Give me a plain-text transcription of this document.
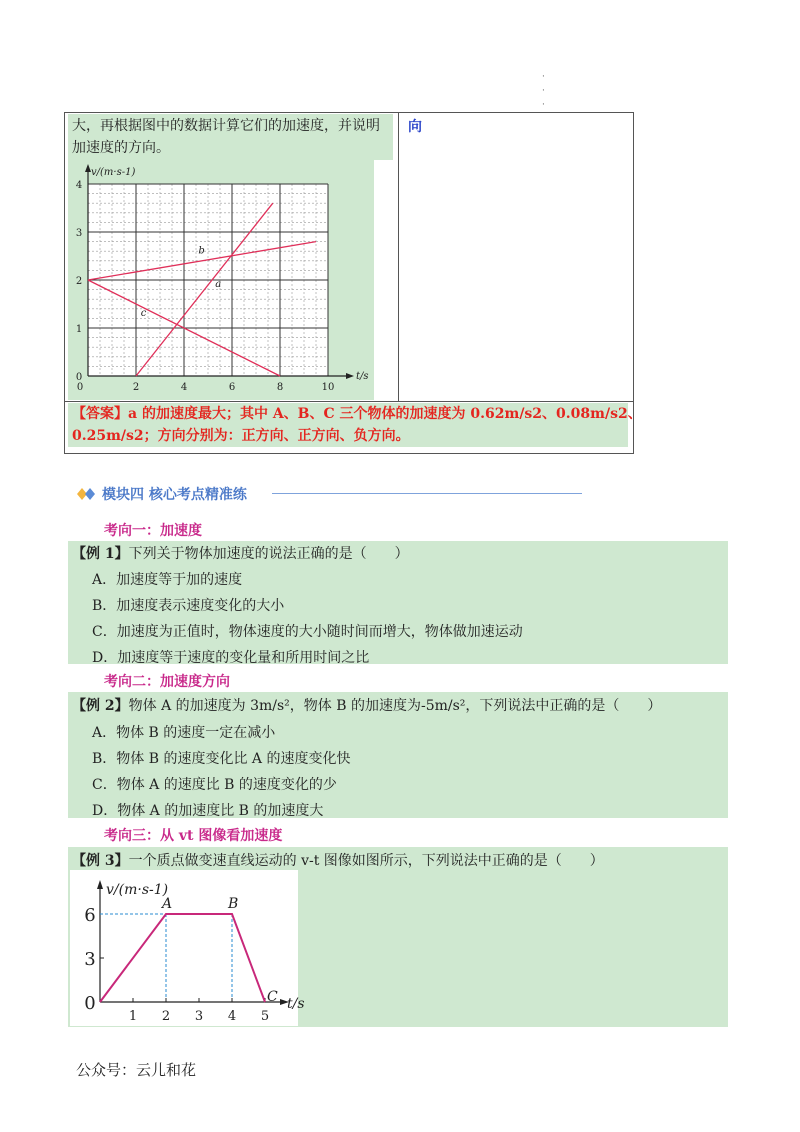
·
·
·
大，再根据图中的数据计算它们的加速度，并说明
加速度的方向。
向
0	2	4	6	8	10
0
1
2
3
4
v/(m·s-1)
t/s
b
a
c
【答案】a 的加速度最大；其中 A、B、C 三个物体的加速度为 0.62m/s2、0.08m/s2、
0.25m/s2；方向分别为：正方向、正方向、负方向。
模块四 核心考点精准练
考向一：加速度
【例 1】下列关于物体加速度的说法正确的是（　　）
A．加速度等于加的速度
B．加速度表示速度变化的大小
C．加速度为正值时，物体速度的大小随时间而增大，物体做加速运动
D．加速度等于速度的变化量和所用时间之比
考向二：加速度方向
【例 2】物体 A 的加速度为 3m/s²，物体 B 的加速度为-5m/s²，下列说法中正确的是（　　）
A．物体 B 的速度一定在减小
B．物体 B 的速度变化比 A 的速度变化快
C．物体 A 的速度比 B 的速度变化的少
D．物体 A 的加速度比 B 的加速度大
考向三：从 vt 图像看加速度
【例 3】一个质点做变速直线运动的 v-t 图像如图所示，下列说法中正确的是（　　）
1 2 3 4 5
0
3
6
v/(m·s-1)
t/s
A	B
C
公众号：云儿和花
